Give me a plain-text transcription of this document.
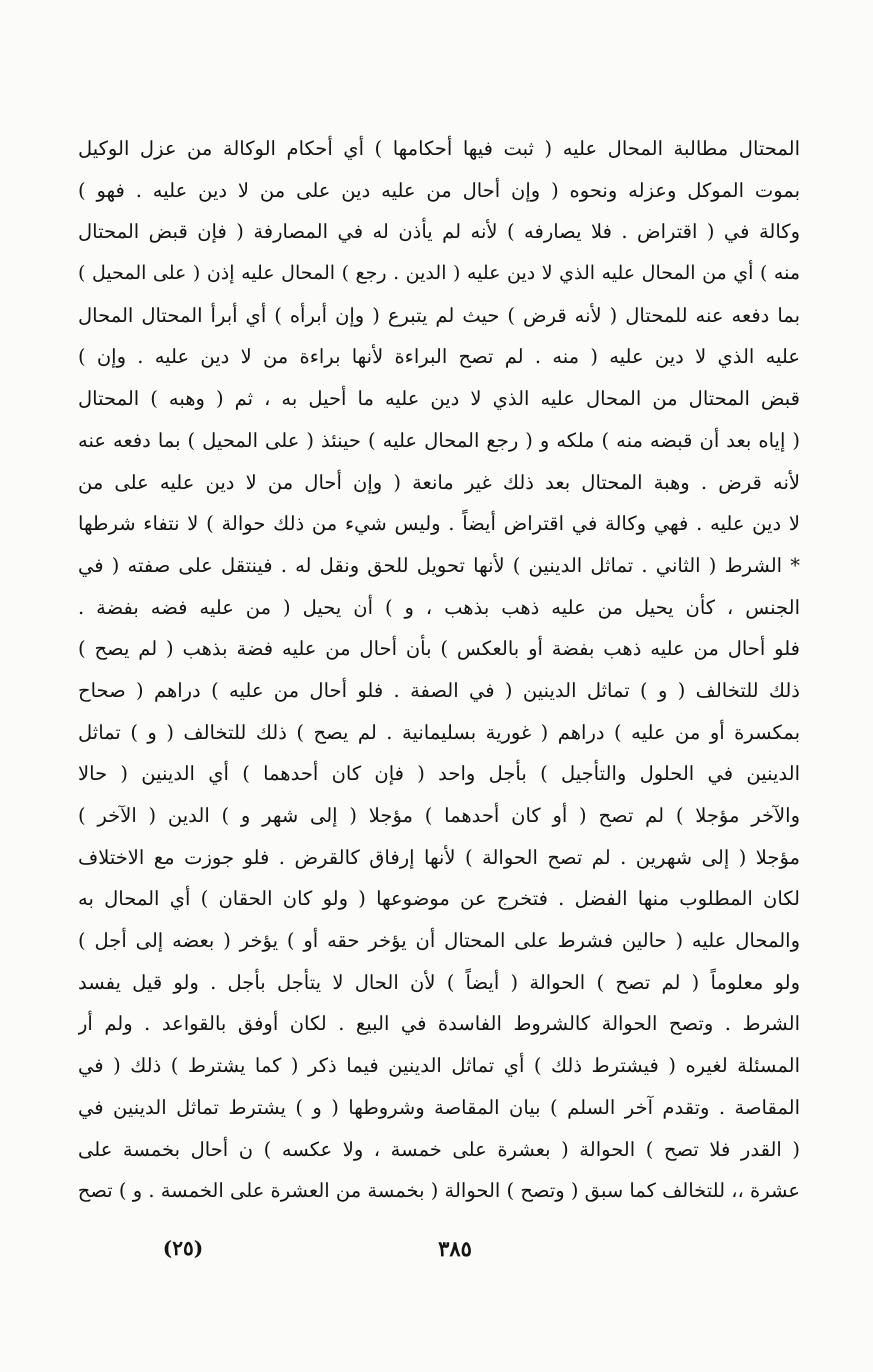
المحتال مطالبة المحال عليه ( ثبت فيها أحكامها ) أي أحكام الوكالة من عزل الوكيل
بموت الموكل وعزله ونحوه ( وإن أحال من عليه دين على من لا دين عليه . فهو )
وكالة في ( اقتراض . فلا يصارفه ) لأنه لم يأذن له في المصارفة ( فإن قبض المحتال
منه ) أي من المحال عليه الذي لا دين عليه ( الدين . رجع ) المحال عليه إذن ( على المحيل )
بما دفعه عنه للمحتال ( لأنه قرض ) حيث لم يتبرع ( وإن أبرأه ) أي أبرأ المحتال المحال
عليه الذي لا دين عليه ( منه . لم تصح البراءة لأنها براءة من لا دين عليه . وإن )
قبض المحتال من المحال عليه الذي لا دين عليه ما أحيل به ، ثم ( وهبه ) المحتال
( إياه بعد أن قبضه منه ) ملكه و ( رجع المحال عليه ) حينئذ ( على المحيل ) بما دفعه عنه
لأنه قرض . وهبة المحتال بعد ذلك غير مانعة ( وإن أحال من لا دين عليه على من
لا دين عليه . فهي وكالة في اقتراض أيضاً . وليس شيء من ذلك حوالة ) لا نتفاء شرطها
* الشرط ( الثاني . تماثل الدينين ) لأنها تحويل للحق ونقل له . فينتقل على صفته ( في
الجنس ، كأن يحيل من عليه ذهب بذهب ، و ) أن يحيل ( من عليه فضه بفضة .
فلو أحال من عليه ذهب بفضة أو بالعكس ) بأن أحال من عليه فضة بذهب ( لم يصح )
ذلك للتخالف ( و ) تماثل الدينين ( في الصفة . فلو أحال من عليه ) دراهم ( صحاح
بمكسرة أو من عليه ) دراهم ( غورية بسليمانية . لم يصح ) ذلك للتخالف ( و ) تماثل
الدينين في الحلول والتأجيل ) بأجل واحد ( فإن كان أحدهما ) أي الدينين ( حالا
والآخر مؤجلا ) لم تصح ( أو كان أحدهما ) مؤجلا ( إلى شهر و ) الدين ( الآخر )
مؤجلا ( إلى شهرين . لم تصح الحوالة ) لأنها إرفاق كالقرض . فلو جوزت مع الاختلاف
لكان المطلوب منها الفضل . فتخرج عن موضوعها ( ولو كان الحقان ) أي المحال به
والمحال عليه ( حالين فشرط على المحتال أن يؤخر حقه أو ) يؤخر ( بعضه إلى أجل )
ولو معلوماً ( لم تصح ) الحوالة ( أيضاً ) لأن الحال لا يتأجل بأجل . ولو قيل يفسد
الشرط . وتصح الحوالة كالشروط الفاسدة في البيع . لكان أوفق بالقواعد . ولم أر
المسئلة لغيره ( فيشترط ذلك ) أي تماثل الدينين فيما ذكر ( كما يشترط ) ذلك ( في
المقاصة . وتقدم آخر السلم ) بيان المقاصة وشروطها ( و ) يشترط تماثل الدينين في
( القدر فلا تصح ) الحوالة ( بعشرة على خمسة ، ولا عكسه ) ن أحال بخمسة على
عشرة ،، للتخالف كما سبق ( وتصح ) الحوالة ( بخمسة من العشرة على الخمسة . و ) تصح
(٢٥)	٣٨٥
